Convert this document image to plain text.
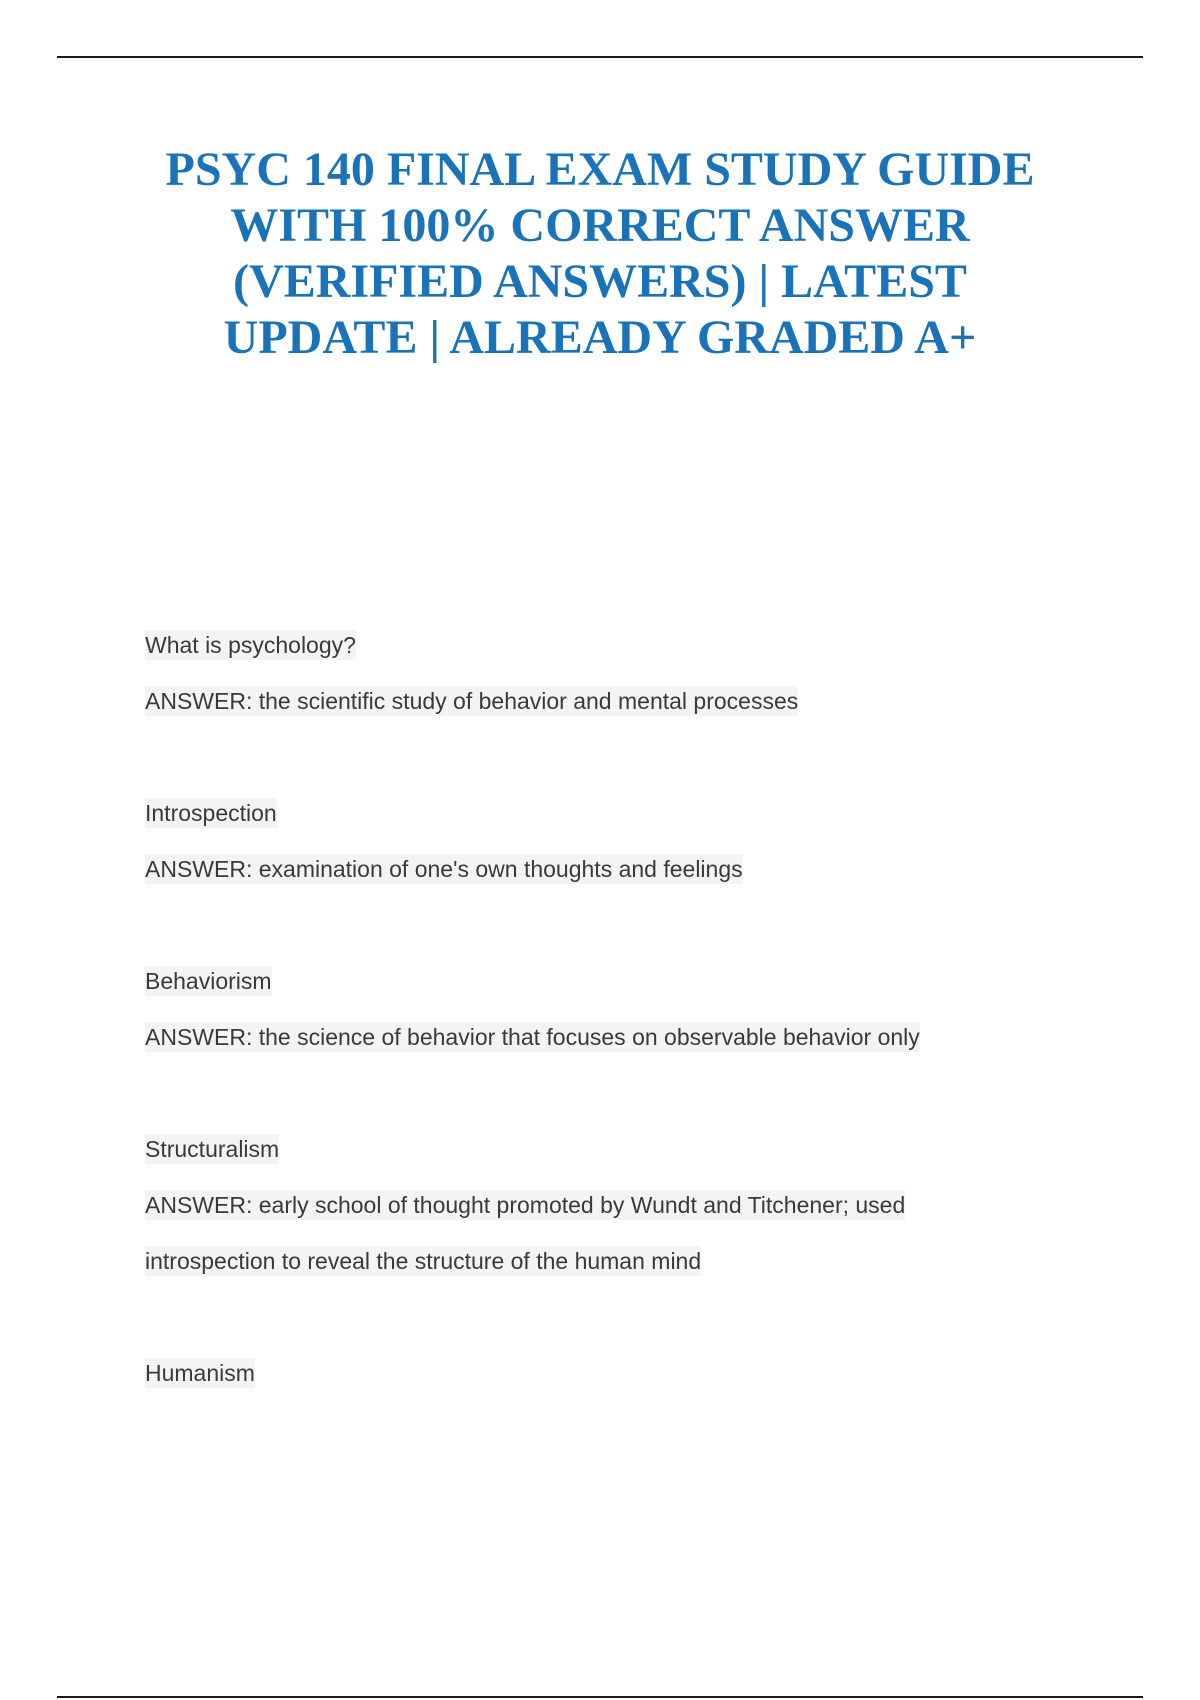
PSYC 140 FINAL EXAM STUDY GUIDE
WITH 100% CORRECT ANSWER
(VERIFIED ANSWERS) | LATEST
UPDATE | ALREADY GRADED A+
What is psychology?
ANSWER: the scientific study of behavior and mental processes
Introspection
ANSWER: examination of one's own thoughts and feelings
Behaviorism
ANSWER: the science of behavior that focuses on observable behavior only
Structuralism
ANSWER: early school of thought promoted by Wundt and Titchener; used
introspection to reveal the structure of the human mind
Humanism
